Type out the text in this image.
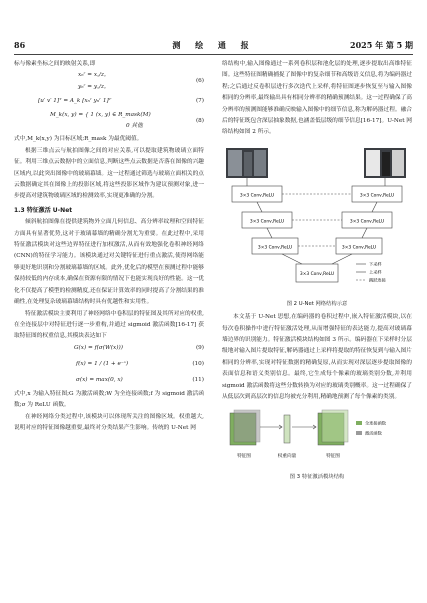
86	测 绘 通 报	2025 年 第 5 期

标与像素坐标之间的映射关系,即

xₙʳ = x꜀/z꜀
yₙʳ = y꜀/z꜀
[u′ v′ 1]ᵀ = A_k [xₙʳ yₙʳ 1]ᵀ
(6)
(7)
M_k(x, y) = { 1 (x, y) ∈ R_mask(M)
0 其他
(8)

式中,M_k(x,y) 为目标区域;R_mask 为最优阈值。

根据三维点云与航拍图像之间的对应关系,可以提取建筑物玻璃立面特征。利用三维点云数据中的立面信息,判断这些点云数据是否落在图像的兴趣区域内,以此突出图像中的玻璃幕墙。这一过程通过筛选与玻璃立面相关的点云数据确定其在图像上的投影区域,将这些投影区域作为建议预测对象,进一步提高对建筑物玻璃区域的检测效率,实现更准确的分割。

1.3 特征激活 U-Net

倾斜航拍图像在提供建筑物外立面几何信息、高分辨率纹理和空间特征方面具有显著优势,这对于玻璃幕墙的精确分割尤为重要。在此过程中,采用特征激活模块对这些边界特征进行加权激活,从而有效地强化卷积神经网络(CNN)的特征学习能力。该模块通过对关键特征进行重点激活,使得网络能够更好地识别和分割玻璃幕墙的区域。此外,优化后的模型在预测过程中能够保持较低的内存成本,确保在资源有限的情况下也能实现良好的性能。这一优化不仅提高了模型的检测精度,还在保证计算效率的同时提高了分割结果的准确性,在处理复杂玻璃幕墙结构时具有优越性和实用性。

特征激活模块主要利用了神经网络中卷积层的特征图及其所对应的权重,在全连接层中对特征进行逐一步重构,并通过 sigmoid 激活函数[16-17] 获取特征图的权重信息,其模块表达如下

G(x) = f(σ(W(x)))	(9)
f(x) = 1 / (1 + e⁻ˣ)	(10)
σ(x) = max(0, x)	(11)

式中,x 为输入特征图;G 为激活函数;W 为全连接函数;f 为 sigmoid 激活函数;σ 为 ReLU 函数。

在神经网络分类过程中,该模块可以体现所关注的图像区域。权重越大,说明对应的特征图像越重要,最终对分类结果产生影响。传统的 U-Net 网

络结构中,输入图像通过一系列卷积层和池化层的处理,逐步提取出高维特征图。这些特征图精确捕捉了图像中的复杂细节和高级语义信息,将为编码器过程;之后通过反卷积层进行多次迭代上采样,将特征图逐步恢复至与输入图像相同的分辨率,最终输出具有相同分辨率的精确预测结果。这一过程确保了高分辨率的预测图能够准确反映输入图像中的细节信息,称为解码器过程。融合后的特征既包含深层抽象数据,也涵盖低层级的细节信息[16-17]。U-Net 网络结构如图 2 所示。

3×3 Conv,ReLU
3×3 Conv,ReLU
3×3 Conv,ReLU
3×3 Conv,ReLU
3×3 Conv,ReLU
3×3 Conv,ReLU
3×3 Conv,ReLU
下采样
上采样
跳跃连接
图 2 U-Net 网络结构示意

本文基于 U-Net 思想,在编码器的卷积过程中,嵌入特征激活模块,以在每次卷积操作中进行特征激活处理,从而增强特征的表达能力,提高对玻璃幕墙边界的识别能力。特征激活模块结构如图 3 所示。编码器在下采样时分层级地对输入图片提取特征,解码器通过上采样将提取的特征恢复到与输入图片相同的分辨率,实现对特征数据的精确复原,从而实现对深层逐步提取图像的表面信息和语义类别信息。最终,它生成每个像素的玻璃类别分数,并利用 sigmoid 激活函数将这些分数转换为对应的玻璃类别概率。这一过程确保了从低层次到高层次的信息均被充分利用,精确地预测了每个像素的类别。

特征图	权重向量	特征图
全连接函数
激活函数
图 3 特征激活模块结构
